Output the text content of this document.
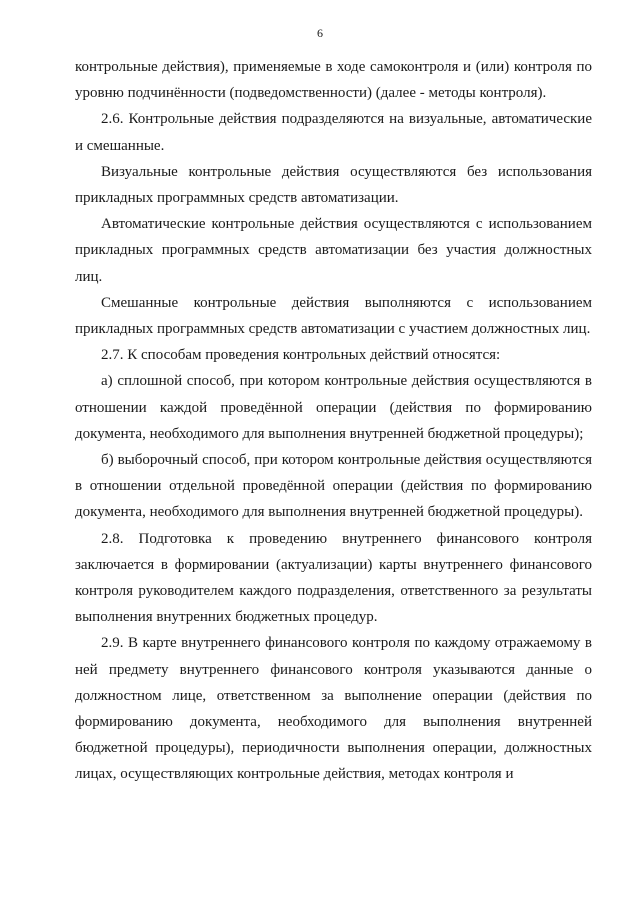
6

контрольные действия), применяемые в ходе самоконтроля и (или) контроля по уровню подчинённости (подведомственности) (далее - методы контроля).

2.6. Контрольные действия подразделяются на визуальные, автоматические и смешанные.

Визуальные контрольные действия осуществляются без использования прикладных программных средств автоматизации.

Автоматические контрольные действия осуществляются с использованием прикладных программных средств автоматизации без участия должностных лиц.

Смешанные контрольные действия выполняются с использованием прикладных программных средств автоматизации с участием должностных лиц.

2.7. К способам проведения контрольных действий относятся:

а) сплошной способ, при котором контрольные действия осуществляются в отношении каждой проведённой операции (действия по формированию документа, необходимого для выполнения внутренней бюджетной процедуры);

б) выборочный способ, при котором контрольные действия осуществляются в отношении отдельной проведённой операции (действия по формированию документа, необходимого для выполнения внутренней бюджетной процедуры).

2.8. Подготовка к проведению внутреннего финансового контроля заключается в формировании (актуализации) карты внутреннего финансового контроля руководителем каждого подразделения, ответственного за результаты выполнения внутренних бюджетных процедур.

2.9. В карте внутреннего финансового контроля по каждому отражаемому в ней предмету внутреннего финансового контроля указываются данные о должностном лице, ответственном за выполнение операции (действия по формированию документа, необходимого для выполнения внутренней бюджетной процедуры), периодичности выполнения операции, должностных лицах, осуществляющих контрольные действия, методах контроля и
